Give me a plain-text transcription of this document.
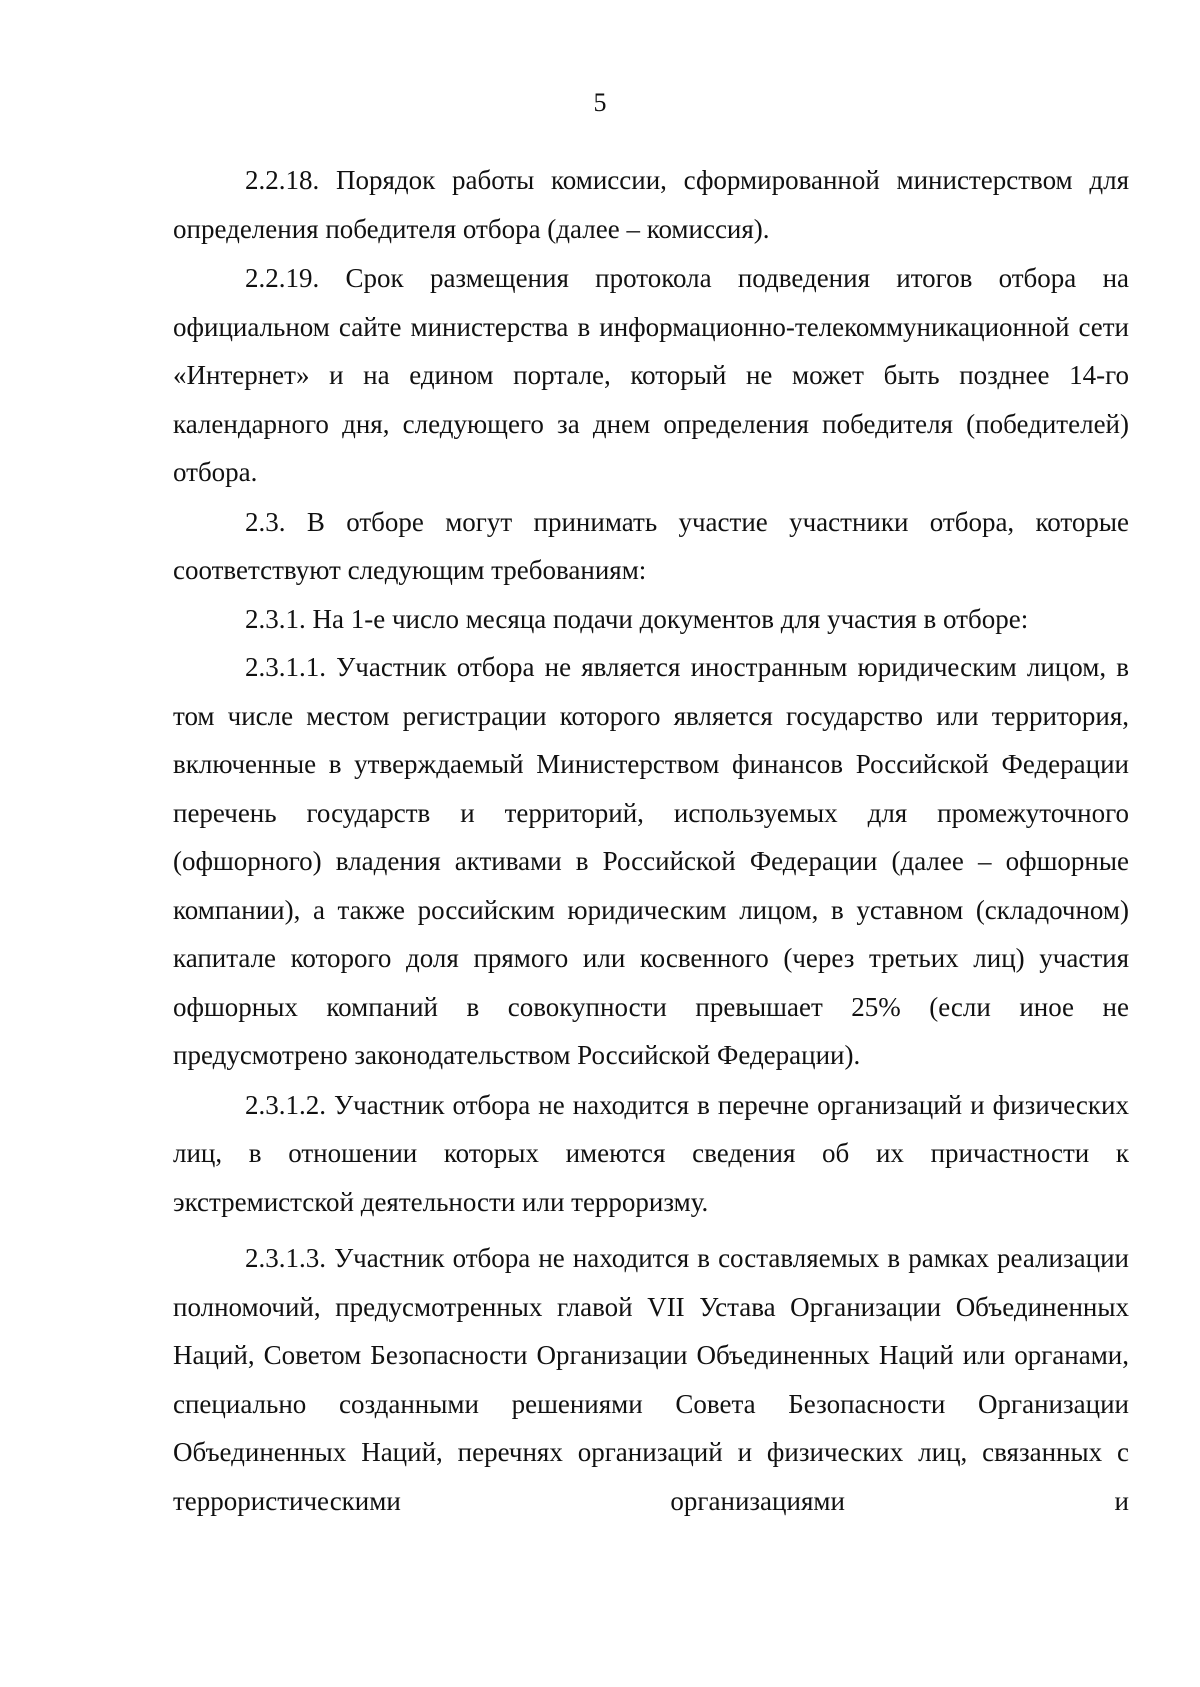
5

2.2.18. Порядок работы комиссии, сформированной министерством для определения победителя отбора (далее – комиссия).

2.2.19. Срок размещения протокола подведения итогов отбора на официальном сайте министерства в информационно-телекоммуникационной сети «Интернет» и на едином портале, который не может быть позднее 14-го календарного дня, следующего за днем определения победителя (победителей) отбора.

2.3. В отборе могут принимать участие участники отбора, которые соответствуют следующим требованиям:

2.3.1. На 1-е число месяца подачи документов для участия в отборе:

2.3.1.1. Участник отбора не является иностранным юридическим лицом, в том числе местом регистрации которого является государство или территория, включенные в утверждаемый Министерством финансов Российской Федерации перечень государств и территорий, используемых для промежуточного (офшорного) владения активами в Российской Федерации (далее – офшорные компании), а также российским юридическим лицом, в уставном (складочном) капитале которого доля прямого или косвенного (через третьих лиц) участия офшорных компаний в совокупности превышает 25% (если иное не предусмотрено законодательством Российской Федерации).

2.3.1.2. Участник отбора не находится в перечне организаций и физических лиц, в отношении которых имеются сведения об их причастности к экстремистской деятельности или терроризму.

2.3.1.3. Участник отбора не находится в составляемых в рамках реализации полномочий, предусмотренных главой VII Устава Организации Объединенных Наций, Советом Безопасности Организации Объединенных Наций или органами, специально созданными решениями Совета Безопасности Организации Объединенных Наций, перечнях организаций и физических лиц, связанных с террористическими организациями и
